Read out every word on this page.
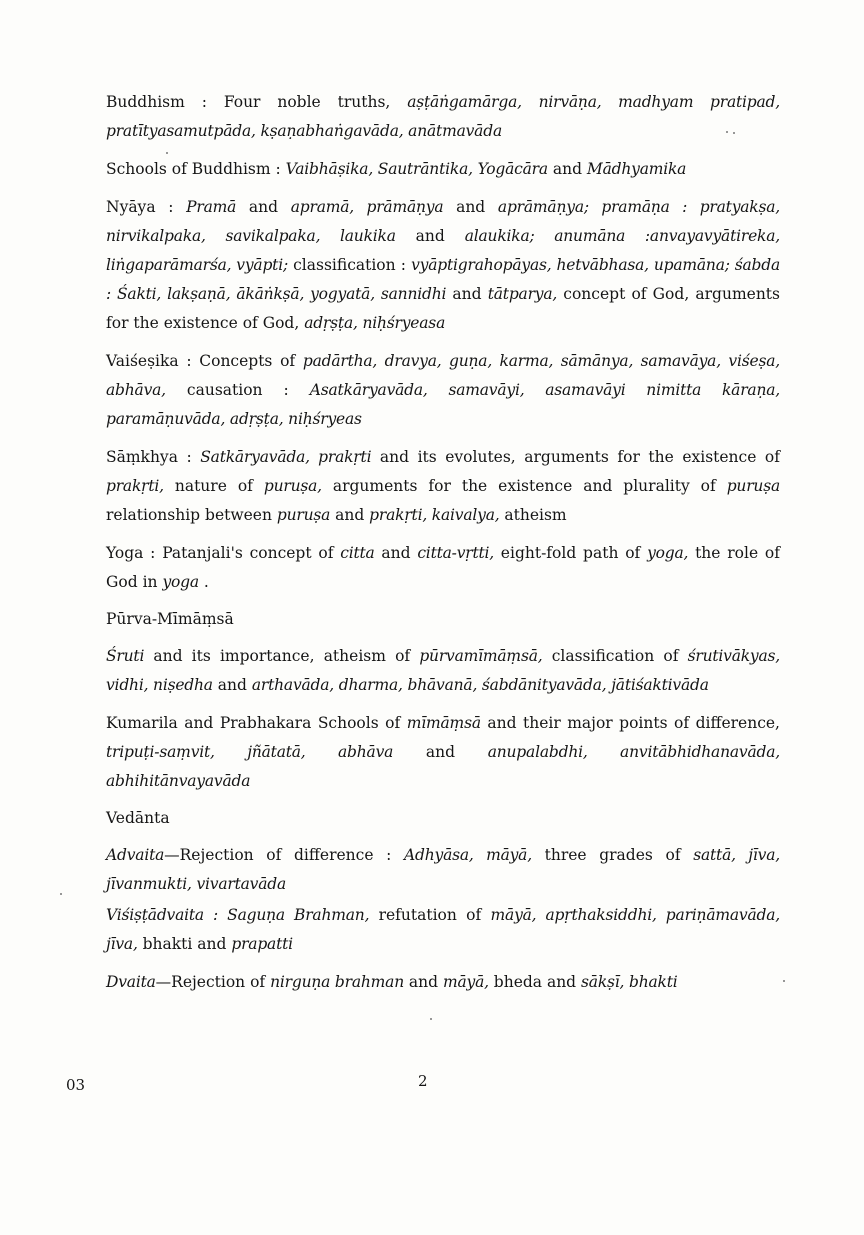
Buddhism : Four noble truths, aṣṭāṅgamārga, nirvāṇa, madhyam pratipad, pratītyasamutpāda, kṣaṇabhaṅgavāda, anātmavāda

Schools of Buddhism : Vaibhāṣika, Sautrāntika, Yogācāra and Mādhyamika

Nyāya : Pramā and apramā, prāmāṇya and aprāmāṇya; pramāṇa : pratyakṣa, nirvikalpaka, savikalpaka, laukika and alaukika; anumāna :anvayavyātireka, liṅgaparāmarśa, vyāpti; classification : vyāptigrahopāyas, hetvābhasa, upamāna; śabda : Śakti, lakṣaṇā, ākāṅkṣā, yogyatā, sannidhi and tātparya, concept of God, arguments for the existence of God, adṛṣṭa, niḥśryeasa

Vaiśeṣika : Concepts of padārtha, dravya, guṇa, karma, sāmānya, samavāya, viśeṣa, abhāva, causation : Asatkāryavāda, samavāyi, asamavāyi nimitta kāraṇa, paramāṇuvāda, adṛṣṭa, niḥśryeas

Sāṃkhya : Satkāryavāda, prakṛti and its evolutes, arguments for the existence of prakṛti, nature of puruṣa, arguments for the existence and plurality of puruṣa relationship between puruṣa and prakṛti, kaivalya, atheism

Yoga : Patanjali's concept of citta and citta-vṛtti, eight-fold path of yoga, the role of God in yoga .

Pūrva-Mīmāṃsā

Śruti and its importance, atheism of pūrvamīmāṃsā, classification of śrutivākyas, vidhi, niṣedha and arthavāda, dharma, bhāvanā, śabdānityavāda, jātiśaktivāda

Kumarila and Prabhakara Schools of mīmāṃsā and their major points of difference, tripuṭi-saṃvit, jñātatā, abhāva and anupalabdhi, anvitābhidhanavāda, abhihitānvayavāda

Vedānta

Advaita—Rejection of difference : Adhyāsa, māyā, three grades of sattā, jīva, jīvanmukti, vivartavāda

Viśiṣṭādvaita : Saguṇa Brahman, refutation of māyā, apṛthaksiddhi, pariṇāmavāda, jīva, bhakti and prapatti

Dvaita—Rejection of nirguṇa brahman and māyā, bheda and sākṣī, bhakti

03	2
